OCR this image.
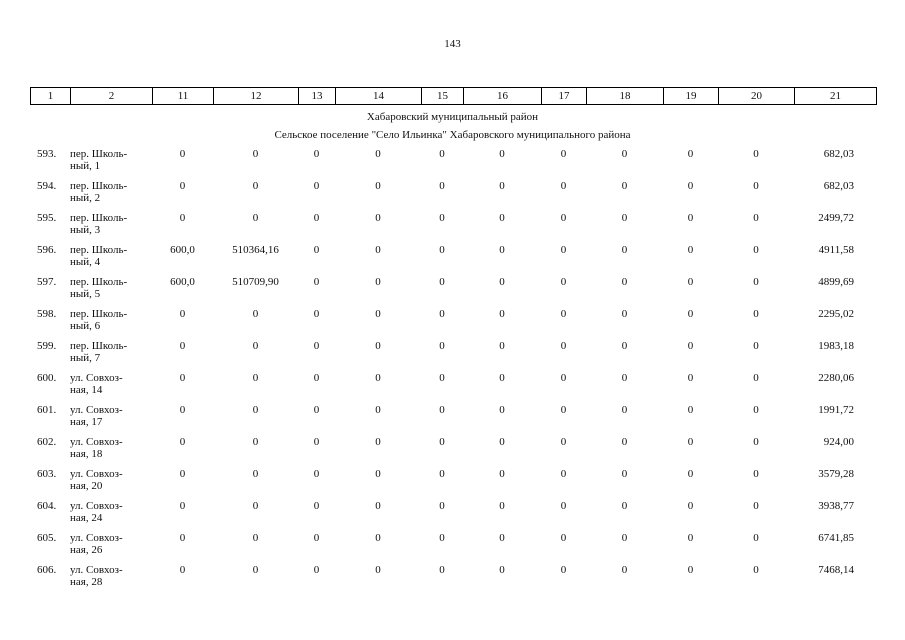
143
1	2	11	12	13	14	15	16	17	18	19	20	21
Хабаровский муниципальный район
Сельское поселение "Село Ильинка" Хабаровского муниципального района
593.	пер. Школь-
ный, 1	0	0	0	0	0	0	0	0	0	0	682,03
594.	пер. Школь-
ный, 2	0	0	0	0	0	0	0	0	0	0	682,03
595.	пер. Школь-
ный, 3	0	0	0	0	0	0	0	0	0	0	2499,72
596.	пер. Школь-
ный, 4	600,0	510364,16	0	0	0	0	0	0	0	0	4911,58
597.	пер. Школь-
ный, 5	600,0	510709,90	0	0	0	0	0	0	0	0	4899,69
598.	пер. Школь-
ный, 6	0	0	0	0	0	0	0	0	0	0	2295,02
599.	пер. Школь-
ный, 7	0	0	0	0	0	0	0	0	0	0	1983,18
600.	ул. Совхоз-
ная, 14	0	0	0	0	0	0	0	0	0	0	2280,06
601.	ул. Совхоз-
ная, 17	0	0	0	0	0	0	0	0	0	0	1991,72
602.	ул. Совхоз-
ная, 18	0	0	0	0	0	0	0	0	0	0	924,00
603.	ул. Совхоз-
ная, 20	0	0	0	0	0	0	0	0	0	0	3579,28
604.	ул. Совхоз-
ная, 24	0	0	0	0	0	0	0	0	0	0	3938,77
605.	ул. Совхоз-
ная, 26	0	0	0	0	0	0	0	0	0	0	6741,85
606.	ул. Совхоз-
ная, 28	0	0	0	0	0	0	0	0	0	0	7468,14
